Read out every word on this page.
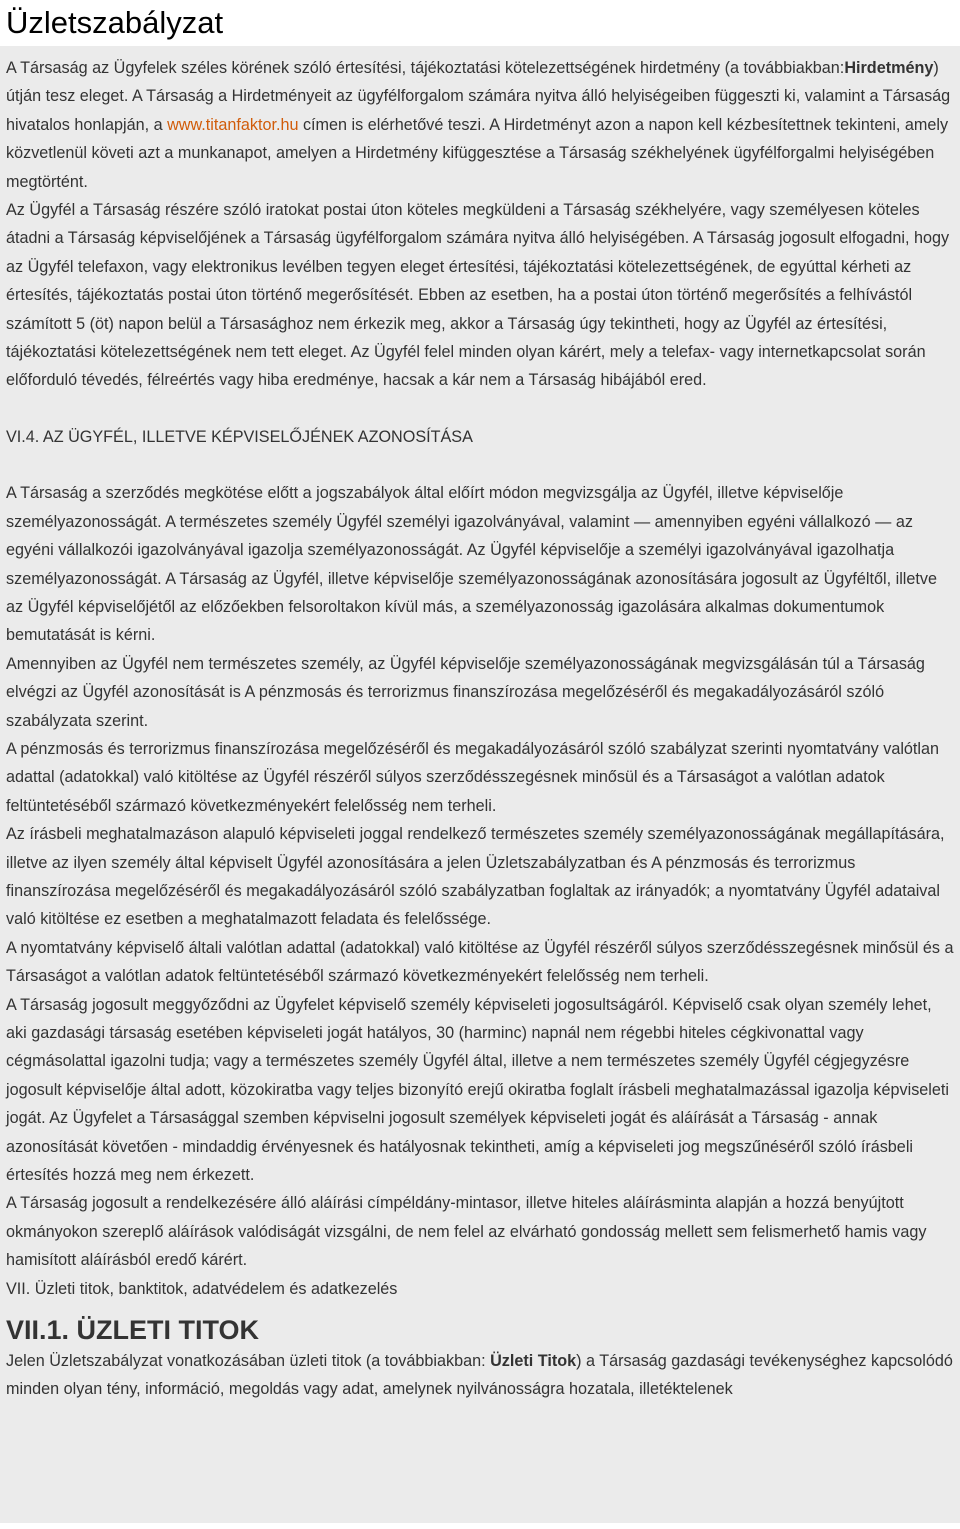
Üzletszabályzat

A Társaság az Ügyfelek széles körének szóló értesítési, tájékoztatási kötelezettségének hirdetmény (a továbbiakban:Hirdetmény) útján tesz eleget. A Társaság a Hirdetményeit az ügyfélforgalom számára nyitva álló helyiségeiben függeszti ki, valamint a Társaság hivatalos honlapján, a www.titanfaktor.hu címen is elérhetővé teszi. A Hirdetményt azon a napon kell kézbesítettnek tekinteni, amely közvetlenül követi azt a munkanapot, amelyen a Hirdetmény kifüggesztése a Társaság székhelyének ügyfélforgalmi helyiségében megtörtént.

Az Ügyfél a Társaság részére szóló iratokat postai úton köteles megküldeni a Társaság székhelyére, vagy személyesen köteles átadni a Társaság képviselőjének a Társaság ügyfélforgalom számára nyitva álló helyiségében. A Társaság jogosult elfogadni, hogy az Ügyfél telefaxon, vagy elektronikus levélben tegyen eleget értesítési, tájékoztatási kötelezettségének, de egyúttal kérheti az értesítés, tájékoztatás postai úton történő megerősítését. Ebben az esetben, ha a postai úton történő megerősítés a felhívástól számított 5 (öt) napon belül a Társasághoz nem érkezik meg, akkor a Társaság úgy tekintheti, hogy az Ügyfél az értesítési, tájékoztatási kötelezettségének nem tett eleget. Az Ügyfél felel minden olyan kárért, mely a telefax- vagy internetkapcsolat során előforduló tévedés, félreértés vagy hiba eredménye, hacsak a kár nem a Társaság hibájából ered.

VI.4. AZ ÜGYFÉL, ILLETVE KÉPVISELŐJÉNEK AZONOSÍTÁSA

A Társaság a szerződés megkötése előtt a jogszabályok által előírt módon megvizsgálja az Ügyfél, illetve képviselője személyazonosságát. A természetes személy Ügyfél személyi igazolványával, valamint — amennyiben egyéni vállalkozó — az egyéni vállalkozói igazolványával igazolja személyazonosságát. Az Ügyfél képviselője a személyi igazolványával igazolhatja személyazonosságát. A Társaság az Ügyfél, illetve képviselője személyazonosságának azonosítására jogosult az Ügyféltől, illetve az Ügyfél képviselőjétől az előzőekben felsoroltakon kívül más, a személyazonosság igazolására alkalmas dokumentumok bemutatását is kérni.

Amennyiben az Ügyfél nem természetes személy, az Ügyfél képviselője személyazonosságának megvizsgálásán túl a Társaság elvégzi az Ügyfél azonosítását is A pénzmosás és terrorizmus finanszírozása megelőzéséről és megakadályozásáról szóló szabályzata szerint.

A pénzmosás és terrorizmus finanszírozása megelőzéséről és megakadályozásáról szóló szabályzat szerinti nyomtatvány valótlan adattal (adatokkal) való kitöltése az Ügyfél részéről súlyos szerződésszegésnek minősül és a Társaságot a valótlan adatok feltüntetéséből származó következményekért felelősség nem terheli.

Az írásbeli meghatalmazáson alapuló képviseleti joggal rendelkező természetes személy személyazonosságának megállapítására, illetve az ilyen személy által képviselt Ügyfél azonosítására a jelen Üzletszabályzatban és A pénzmosás és terrorizmus finanszírozása megelőzéséről és megakadályozásáról szóló szabályzatban foglaltak az irányadók; a nyomtatvány Ügyfél adataival való kitöltése ez esetben a meghatalmazott feladata és felelőssége.

A nyomtatvány képviselő általi valótlan adattal (adatokkal) való kitöltése az Ügyfél részéről súlyos szerződésszegésnek minősül és a Társaságot a valótlan adatok feltüntetéséből származó következményekért felelősség nem terheli.

A Társaság jogosult meggyőződni az Ügyfelet képviselő személy képviseleti jogosultságáról. Képviselő csak olyan személy lehet, aki gazdasági társaság esetében képviseleti jogát hatályos, 30 (harminc) napnál nem régebbi hiteles cégkivonattal vagy cégmásolattal igazolni tudja; vagy a természetes személy Ügyfél által, illetve a nem természetes személy Ügyfél cégjegyzésre jogosult képviselője által adott, közokiratba vagy teljes bizonyító erejű okiratba foglalt írásbeli meghatalmazással igazolja képviseleti jogát. Az Ügyfelet a Társasággal szemben képviselni jogosult személyek képviseleti jogát és aláírását a Társaság - annak azonosítását követően - mindaddig érvényesnek és hatályosnak tekintheti, amíg a képviseleti jog megszűnéséről szóló írásbeli értesítés hozzá meg nem érkezett.

A Társaság jogosult a rendelkezésére álló aláírási címpéldány-mintasor, illetve hiteles aláírásminta alapján a hozzá benyújtott okmányokon szereplő aláírások valódiságát vizsgálni, de nem felel az elvárható gondosság mellett sem felismerhető hamis vagy hamisított aláírásból eredő kárért.

VII. Üzleti titok, banktitok, adatvédelem és adatkezelés
VII.1. ÜZLETI TITOK

Jelen Üzletszabályzat vonatkozásában üzleti titok (a továbbiakban: Üzleti Titok) a Társaság gazdasági tevékenységhez kapcsolódó minden olyan tény, információ, megoldás vagy adat, amelynek nyilvánosságra hozatala, illetéktelenek
